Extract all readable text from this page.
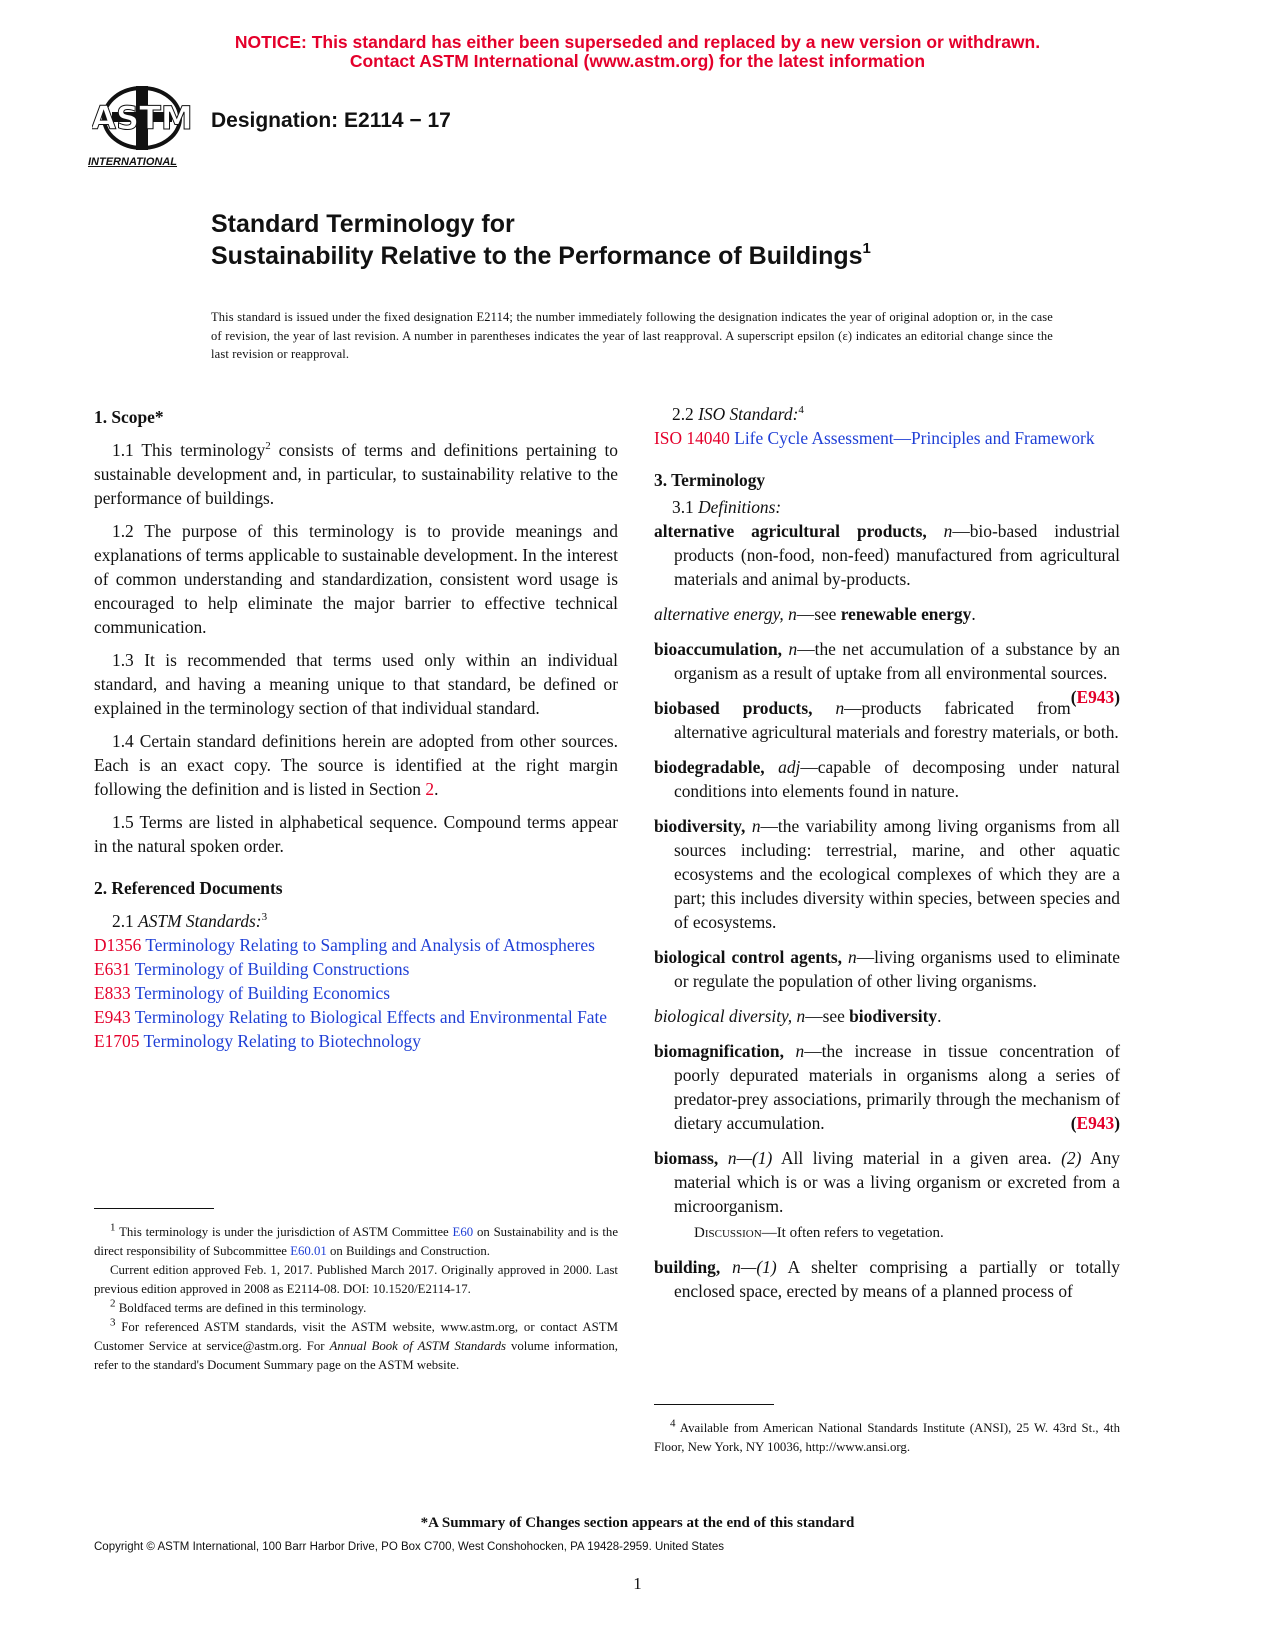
NOTICE: This standard has either been superseded and replaced by a new version or withdrawn.
Contact ASTM International (www.astm.org) for the latest information
ASTM
INTERNATIONAL
Designation: E2114 − 17
Standard Terminology for
Sustainability Relative to the Performance of Buildings$^1$
This standard is issued under the fixed designation E2114; the number immediately following the designation indicates the year of original adoption or, in the case of revision, the year of last revision. A number in parentheses indicates the year of last reapproval. A superscript epsilon (ε) indicates an editorial change since the last revision or reapproval.

1. Scope*

1.1 This terminology$^2$ consists of terms and definitions pertaining to sustainable development and, in particular, to sustainability relative to the performance of buildings.

1.2 The purpose of this terminology is to provide meanings and explanations of terms applicable to sustainable development. In the interest of common understanding and standardization, consistent word usage is encouraged to help eliminate the major barrier to effective technical communication.

1.3 It is recommended that terms used only within an individual standard, and having a meaning unique to that standard, be defined or explained in the terminology section of that individual standard.

1.4 Certain standard definitions herein are adopted from other sources. Each is an exact copy. The source is identified at the right margin following the definition and is listed in Section 2.

1.5 Terms are listed in alphabetical sequence. Compound terms appear in the natural spoken order.

2. Referenced Documents

2.1 ASTM Standards:$^3$

D1356 Terminology Relating to Sampling and Analysis of Atmospheres

E631 Terminology of Building Constructions

E833 Terminology of Building Economics

E943 Terminology Relating to Biological Effects and Environmental Fate

E1705 Terminology Relating to Biotechnology

$^1$ This terminology is under the jurisdiction of ASTM Committee E60 on Sustainability and is the direct responsibility of Subcommittee E60.01 on Buildings and Construction.

Current edition approved Feb. 1, 2017. Published March 2017. Originally approved in 2000. Last previous edition approved in 2008 as E2114-08. DOI: 10.1520/E2114-17.

$^2$ Boldfaced terms are defined in this terminology.

$^3$ For referenced ASTM standards, visit the ASTM website, www.astm.org, or contact ASTM Customer Service at service@astm.org. For Annual Book of ASTM Standards volume information, refer to the standard's Document Summary page on the ASTM website.

2.2 ISO Standard:$^4$

ISO 14040 Life Cycle Assessment—Principles and Framework

3. Terminology

3.1 Definitions:

alternative agricultural products, n—bio-based industrial products (non-food, non-feed) manufactured from agricultural materials and animal by-products.

alternative energy, n—see renewable energy.

bioaccumulation, n—the net accumulation of a substance by an organism as a result of uptake from all environmental sources.
(E943)

biobased products, n—products fabricated from alternative agricultural materials and forestry materials, or both.

biodegradable, adj—capable of decomposing under natural conditions into elements found in nature.

biodiversity, n—the variability among living organisms from all sources including: terrestrial, marine, and other aquatic ecosystems and the ecological complexes of which they are a part; this includes diversity within species, between species and of ecosystems.

biological control agents, n—living organisms used to eliminate or regulate the population of other living organisms.

biological diversity, n—see biodiversity.

biomagnification, n—the increase in tissue concentration of poorly depurated materials in organisms along a series of predator-prey associations, primarily through the mechanism of dietary accumulation.	(E943)

biomass, n—(1) All living material in a given area. (2) Any material which is or was a living organism or excreted from a microorganism.

Discussion—It often refers to vegetation.

building, n—(1) A shelter comprising a partially or totally enclosed space, erected by means of a planned process of

$^4$ Available from American National Standards Institute (ANSI), 25 W. 43rd St., 4th Floor, New York, NY 10036, http://www.ansi.org.

*A Summary of Changes section appears at the end of this standard
Copyright © ASTM International, 100 Barr Harbor Drive, PO Box C700, West Conshohocken, PA 19428-2959. United States
1
